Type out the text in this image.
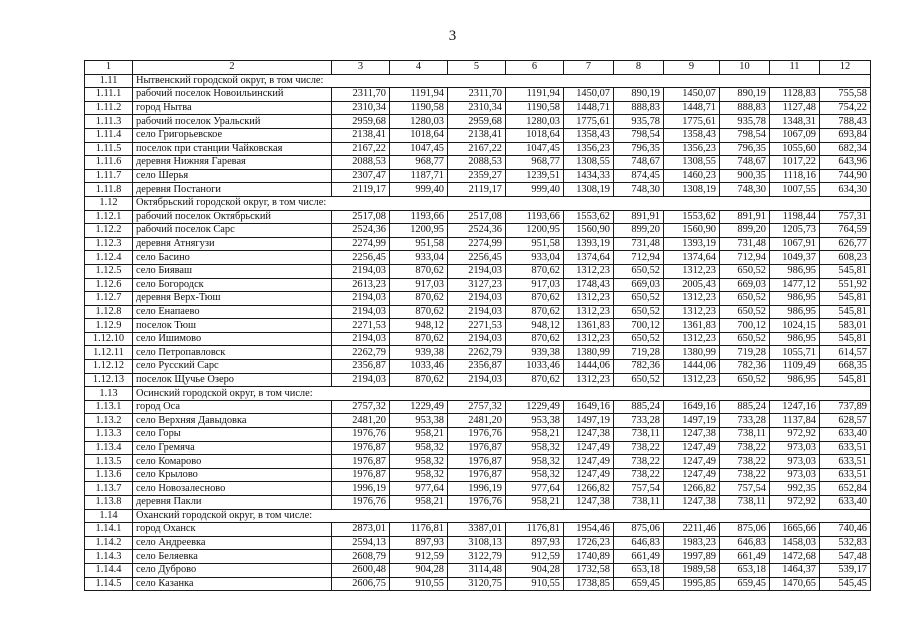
3
1	2	3	4	5	6	7	8	9	10	11	12
1.11	Нытвенский городской округ, в том числе:										
1.11.1	рабочий поселок Новоильинский	2311,70	1191,94	2311,70	1191,94	1450,07	890,19	1450,07	890,19	1128,83	755,58
1.11.2	город Нытва	2310,34	1190,58	2310,34	1190,58	1448,71	888,83	1448,71	888,83	1127,48	754,22
1.11.3	рабочий поселок Уральский	2959,68	1280,03	2959,68	1280,03	1775,61	935,78	1775,61	935,78	1348,31	788,43
1.11.4	село Григорьевское	2138,41	1018,64	2138,41	1018,64	1358,43	798,54	1358,43	798,54	1067,09	693,84
1.11.5	поселок при станции Чайковская	2167,22	1047,45	2167,22	1047,45	1356,23	796,35	1356,23	796,35	1055,60	682,34
1.11.6	деревня Нижняя Гаревая	2088,53	968,77	2088,53	968,77	1308,55	748,67	1308,55	748,67	1017,22	643,96
1.11.7	село Шерья	2307,47	1187,71	2359,27	1239,51	1434,33	874,45	1460,23	900,35	1118,16	744,90
1.11.8	деревня Постаноги	2119,17	999,40	2119,17	999,40	1308,19	748,30	1308,19	748,30	1007,55	634,30
1.12	Октябрьский городской округ, в том числе:										
1.12.1	рабочий поселок Октябрьский	2517,08	1193,66	2517,08	1193,66	1553,62	891,91	1553,62	891,91	1198,44	757,31
1.12.2	рабочий поселок Сарс	2524,36	1200,95	2524,36	1200,95	1560,90	899,20	1560,90	899,20	1205,73	764,59
1.12.3	деревня Атнягузи	2274,99	951,58	2274,99	951,58	1393,19	731,48	1393,19	731,48	1067,91	626,77
1.12.4	село Басино	2256,45	933,04	2256,45	933,04	1374,64	712,94	1374,64	712,94	1049,37	608,23
1.12.5	село Бияваш	2194,03	870,62	2194,03	870,62	1312,23	650,52	1312,23	650,52	986,95	545,81
1.12.6	село Богородск	2613,23	917,03	3127,23	917,03	1748,43	669,03	2005,43	669,03	1477,12	551,92
1.12.7	деревня Верх-Тюш	2194,03	870,62	2194,03	870,62	1312,23	650,52	1312,23	650,52	986,95	545,81
1.12.8	село Енапаево	2194,03	870,62	2194,03	870,62	1312,23	650,52	1312,23	650,52	986,95	545,81
1.12.9	поселок Тюш	2271,53	948,12	2271,53	948,12	1361,83	700,12	1361,83	700,12	1024,15	583,01
1.12.10	село Ишимово	2194,03	870,62	2194,03	870,62	1312,23	650,52	1312,23	650,52	986,95	545,81
1.12.11	село Петропавловск	2262,79	939,38	2262,79	939,38	1380,99	719,28	1380,99	719,28	1055,71	614,57
1.12.12	село Русский Сарс	2356,87	1033,46	2356,87	1033,46	1444,06	782,36	1444,06	782,36	1109,49	668,35
1.12.13	поселок Щучье Озеро	2194,03	870,62	2194,03	870,62	1312,23	650,52	1312,23	650,52	986,95	545,81
1.13	Осинский городской округ, в том числе:										
1.13.1	город Оса	2757,32	1229,49	2757,32	1229,49	1649,16	885,24	1649,16	885,24	1247,16	737,89
1.13.2	село Верхняя Давыдовка	2481,20	953,38	2481,20	953,38	1497,19	733,28	1497,19	733,28	1137,84	628,57
1.13.3	село Горы	1976,76	958,21	1976,76	958,21	1247,38	738,11	1247,38	738,11	972,92	633,40
1.13.4	село Гремяча	1976,87	958,32	1976,87	958,32	1247,49	738,22	1247,49	738,22	973,03	633,51
1.13.5	село Комарово	1976,87	958,32	1976,87	958,32	1247,49	738,22	1247,49	738,22	973,03	633,51
1.13.6	село Крылово	1976,87	958,32	1976,87	958,32	1247,49	738,22	1247,49	738,22	973,03	633,51
1.13.7	село Новозалесново	1996,19	977,64	1996,19	977,64	1266,82	757,54	1266,82	757,54	992,35	652,84
1.13.8	деревня Пакли	1976,76	958,21	1976,76	958,21	1247,38	738,11	1247,38	738,11	972,92	633,40
1.14	Оханский городской округ, в том числе:										
1.14.1	город Оханск	2873,01	1176,81	3387,01	1176,81	1954,46	875,06	2211,46	875,06	1665,66	740,46
1.14.2	село Андреевка	2594,13	897,93	3108,13	897,93	1726,23	646,83	1983,23	646,83	1458,03	532,83
1.14.3	село Беляевка	2608,79	912,59	3122,79	912,59	1740,89	661,49	1997,89	661,49	1472,68	547,48
1.14.4	село Дуброво	2600,48	904,28	3114,48	904,28	1732,58	653,18	1989,58	653,18	1464,37	539,17
1.14.5	село Казанка	2606,75	910,55	3120,75	910,55	1738,85	659,45	1995,85	659,45	1470,65	545,45
